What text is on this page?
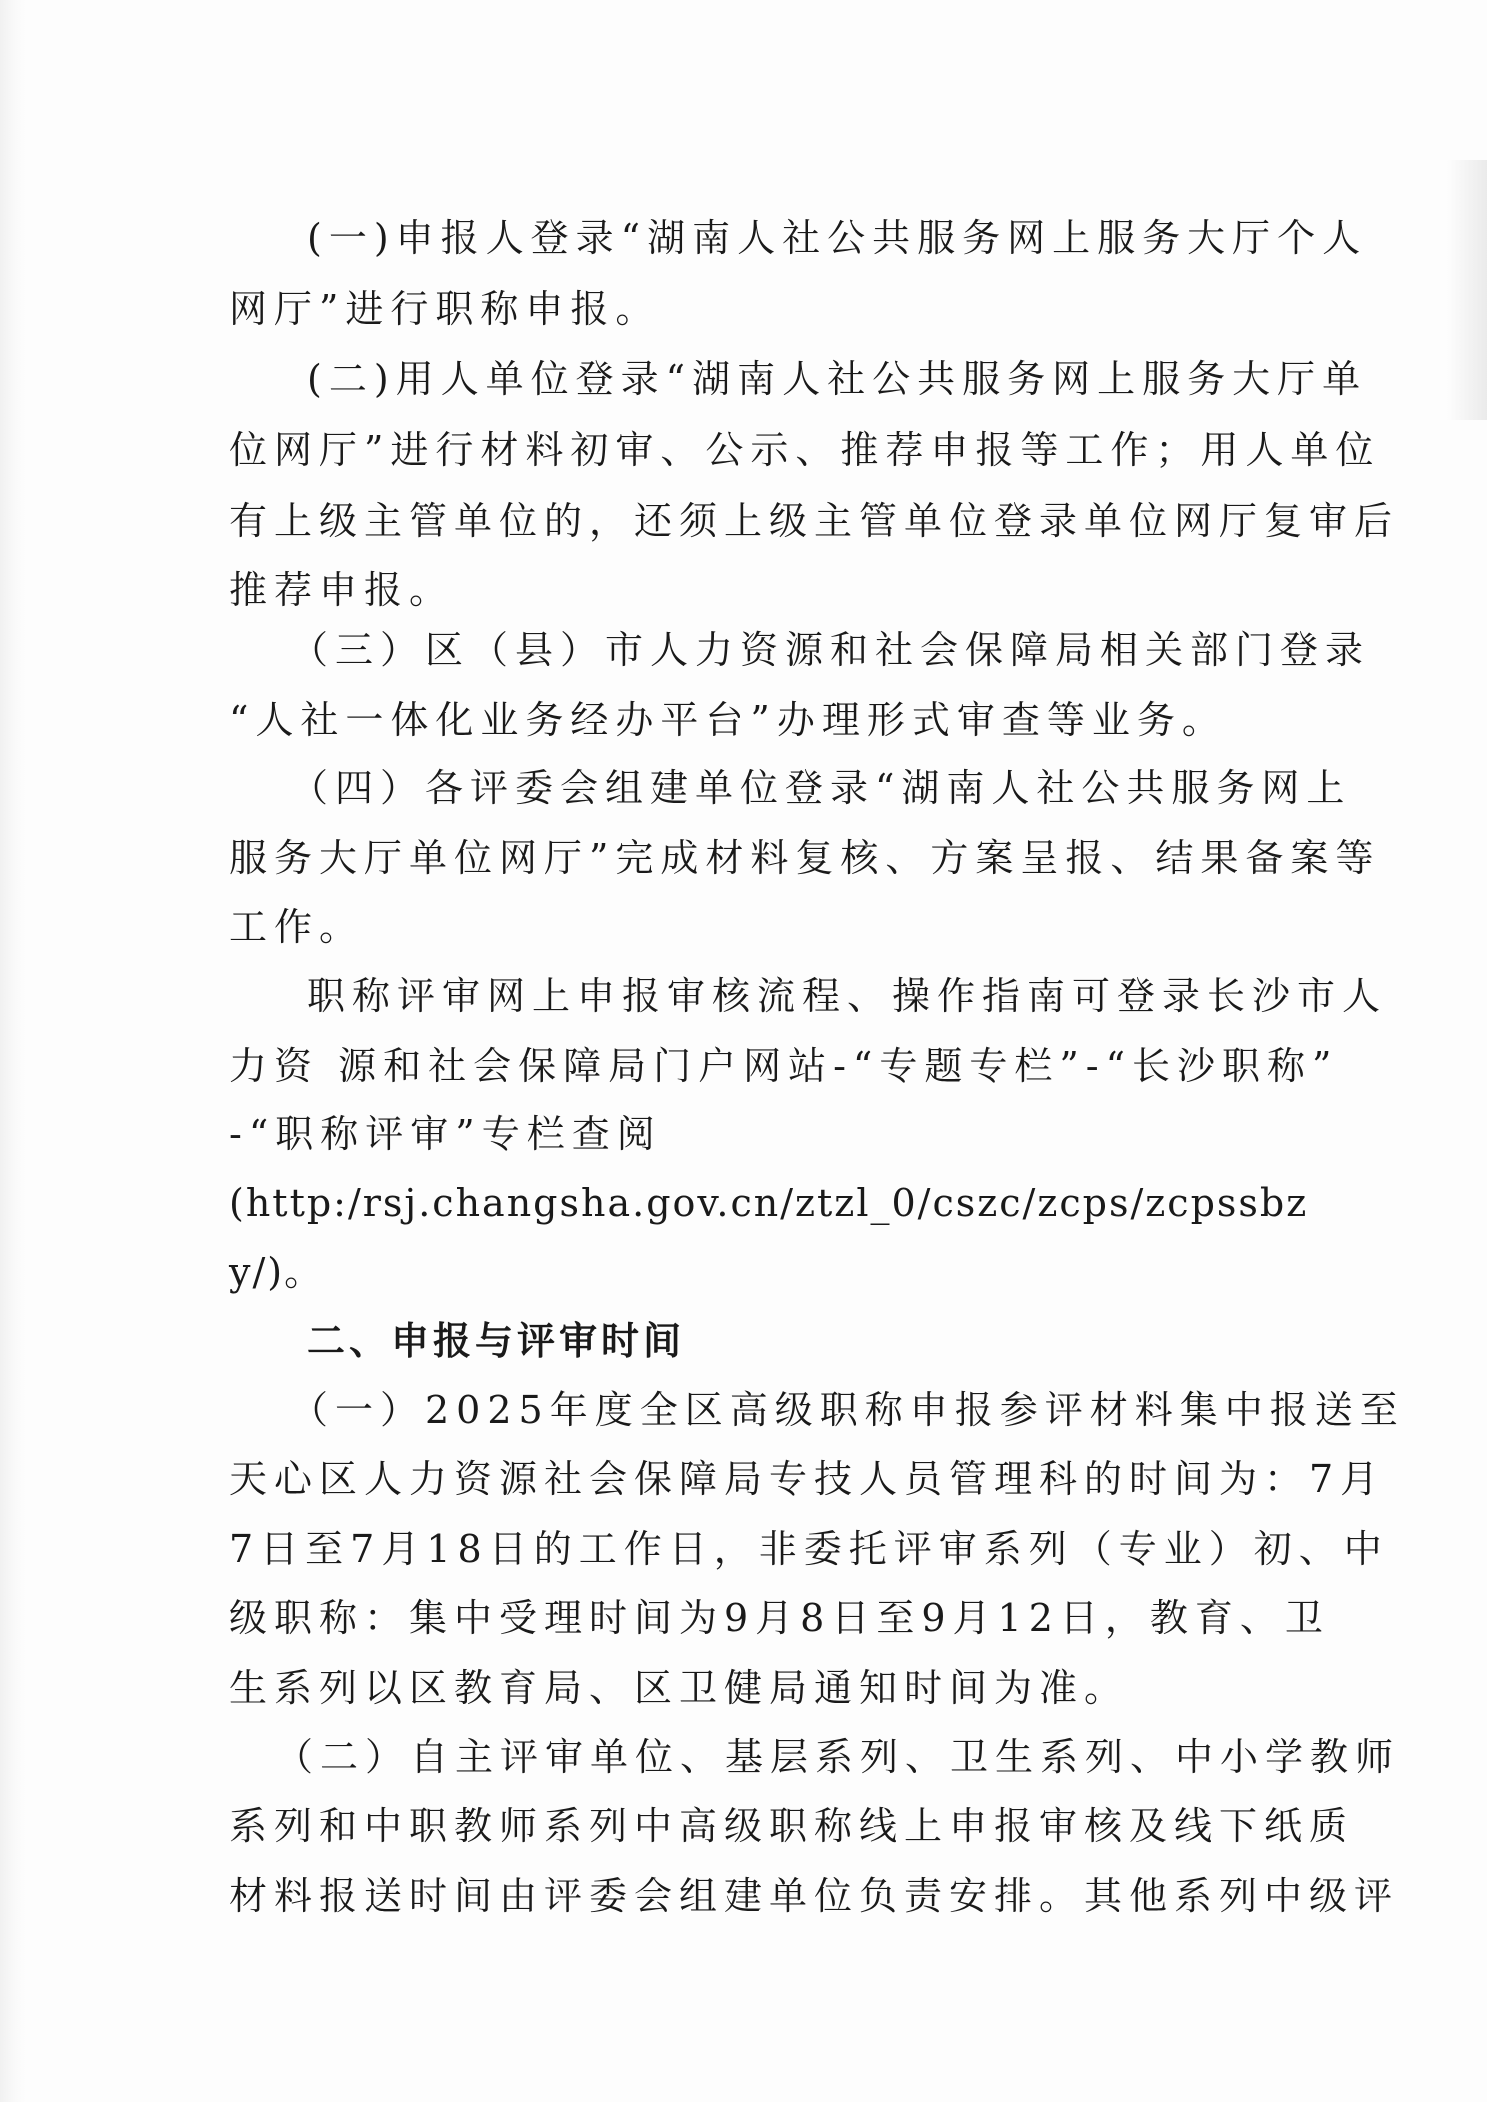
(一)申报人登录“湖南人社公共服务网上服务大厅个人
网厅”进行职称申报。
(二)用人单位登录“湖南人社公共服务网上服务大厅单
位网厅”进行材料初审、公示、推荐申报等工作；用人单位
有上级主管单位的，还须上级主管单位登录单位网厅复审后
推荐申报。
（三）区（县）市人力资源和社会保障局相关部门登录
“人社一体化业务经办平台”办理形式审查等业务。
（四）各评委会组建单位登录“湖南人社公共服务网上
服务大厅单位网厅”完成材料复核、方案呈报、结果备案等
工作。
职称评审网上申报审核流程、操作指南可登录长沙市人
力资 源和社会保障局门户网站-“专题专栏”-“长沙职称”
-“职称评审”专栏查阅
(http:/rsj.changsha.gov.cn/ztzl_0/cszc/zcps/zcpssbz
y/)。
二、申报与评审时间
（一）2025年度全区高级职称申报参评材料集中报送至
天心区人力资源社会保障局专技人员管理科的时间为：7月
7日至7月18日的工作日，非委托评审系列（专业）初、中
级职称：集中受理时间为9月8日至9月12日，教育、卫
生系列以区教育局、区卫健局通知时间为准。
（二）自主评审单位、基层系列、卫生系列、中小学教师
系列和中职教师系列中高级职称线上申报审核及线下纸质
材料报送时间由评委会组建单位负责安排。其他系列中级评
